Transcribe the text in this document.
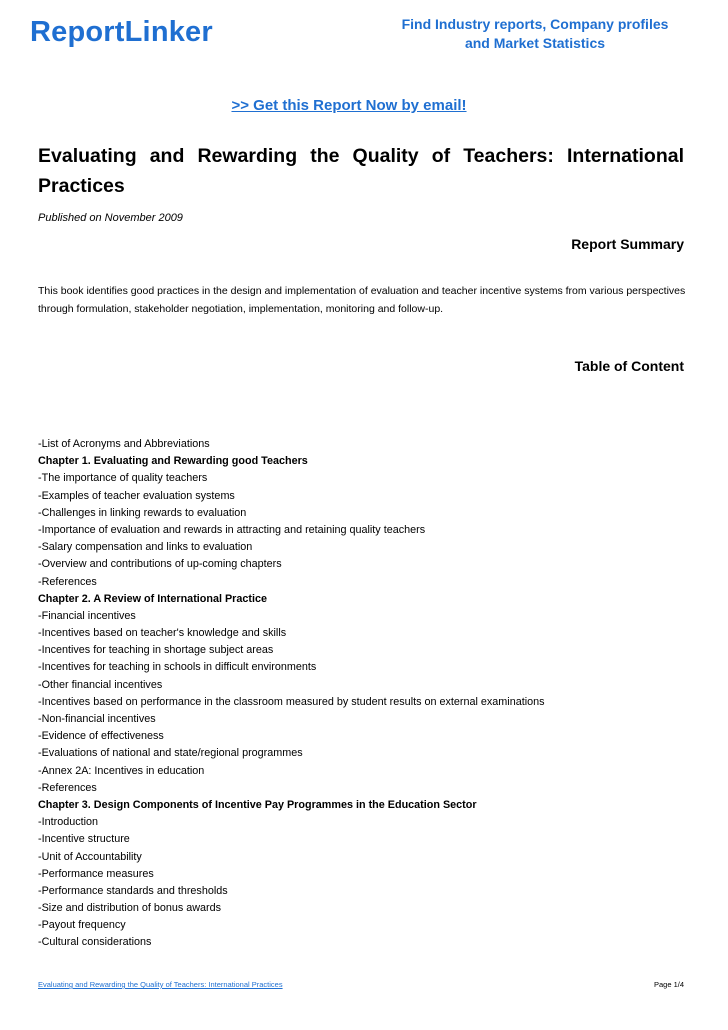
ReportLinker	Find Industry reports, Company profiles
and Market Statistics
>> Get this Report Now by email!
Evaluating and Rewarding the Quality of Teachers: International Practices
Published on November 2009
Report Summary

This book identifies good practices in the design and implementation of evaluation and teacher incentive systems from various perspectives through formulation, stakeholder negotiation, implementation, monitoring and follow-up.

Table of Content
-List of Acronyms and Abbreviations
Chapter 1. Evaluating and Rewarding good Teachers
-The importance of quality teachers
-Examples of teacher evaluation systems
-Challenges in linking rewards to evaluation
-Importance of evaluation and rewards in attracting and retaining quality teachers
-Salary compensation and links to evaluation
-Overview and contributions of up-coming chapters
-References
Chapter 2. A Review of International Practice
-Financial incentives
-Incentives based on teacher's knowledge and skills
-Incentives for teaching in shortage subject areas
-Incentives for teaching in schools in difficult environments
-Other financial incentives
-Incentives based on performance in the classroom measured by student results on external examinations
-Non-financial incentives
-Evidence of effectiveness
-Evaluations of national and state/regional programmes
-Annex 2A: Incentives in education
-References
Chapter 3. Design Components of Incentive Pay Programmes in the Education Sector
-Introduction
-Incentive structure
-Unit of Accountability
-Performance measures
-Performance standards and thresholds
-Size and distribution of bonus awards
-Payout frequency
-Cultural considerations
Evaluating and Rewarding the Quality of Teachers: International Practices	Page 1/4
